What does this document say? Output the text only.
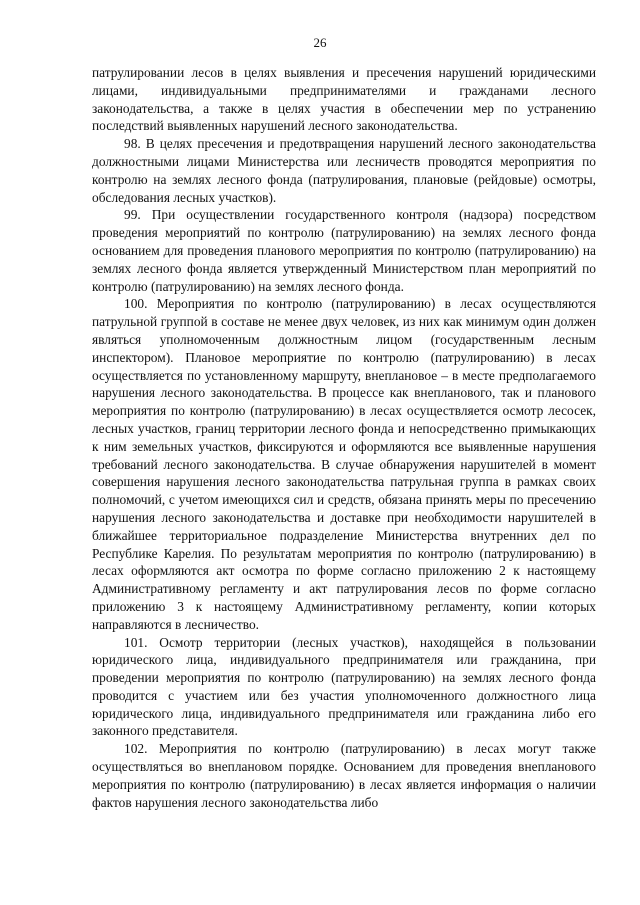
26

патрулировании лесов в целях выявления и пресечения нарушений юридическими лицами, индивидуальными предпринимателями и гражданами лесного законодательства, а также в целях участия в обеспечении мер по устранению последствий выявленных нарушений лесного законодательства.

98. В целях пресечения и предотвращения нарушений лесного законодательства должностными лицами Министерства или лесничеств проводятся мероприятия по контролю на землях лесного фонда (патрулирования, плановые (рейдовые) осмотры, обследования лесных участков).

99. При осуществлении государственного контроля (надзора) посредством проведения мероприятий по контролю (патрулированию) на землях лесного фонда основанием для проведения планового мероприятия по контролю (патрулированию) на землях лесного фонда является утвержденный Министерством план мероприятий по контролю (патрулированию) на землях лесного фонда.

100. Мероприятия по контролю (патрулированию) в лесах осуществляются патрульной группой в составе не менее двух человек, из них как минимум один должен являться уполномоченным должностным лицом (государственным лесным инспектором). Плановое мероприятие по контролю (патрулированию) в лесах осуществляется по установленному маршруту, внеплановое – в месте предполагаемого нарушения лесного законодательства. В процессе как внепланового, так и планового мероприятия по контролю (патрулированию) в лесах осуществляется осмотр лесосек, лесных участков, границ территории лесного фонда и непосредственно примыкающих к ним земельных участков, фиксируются и оформляются все выявленные нарушения требований лесного законодательства. В случае обнаружения нарушителей в момент совершения нарушения лесного законодательства патрульная группа в рамках своих полномочий, с учетом имеющихся сил и средств, обязана принять меры по пресечению нарушения лесного законодательства и доставке при необходимости нарушителей в ближайшее территориальное подразделение Министерства внутренних дел по Республике Карелия. По результатам мероприятия по контролю (патрулированию) в лесах оформляются акт осмотра по форме согласно приложению 2 к настоящему Административному регламенту и акт патрулирования лесов по форме согласно приложению 3 к настоящему Административному регламенту, копии которых направляются в лесничество.

101. Осмотр территории (лесных участков), находящейся в пользовании юридического лица, индивидуального предпринимателя или гражданина, при проведении мероприятия по контролю (патрулированию) на землях лесного фонда проводится с участием или без участия уполномоченного должностного лица юридического лица, индивидуального предпринимателя или гражданина либо его законного представителя.

102. Мероприятия по контролю (патрулированию) в лесах могут также осуществляться во внеплановом порядке. Основанием для проведения внепланового мероприятия по контролю (патрулированию) в лесах является информация о наличии фактов нарушения лесного законодательства либо
